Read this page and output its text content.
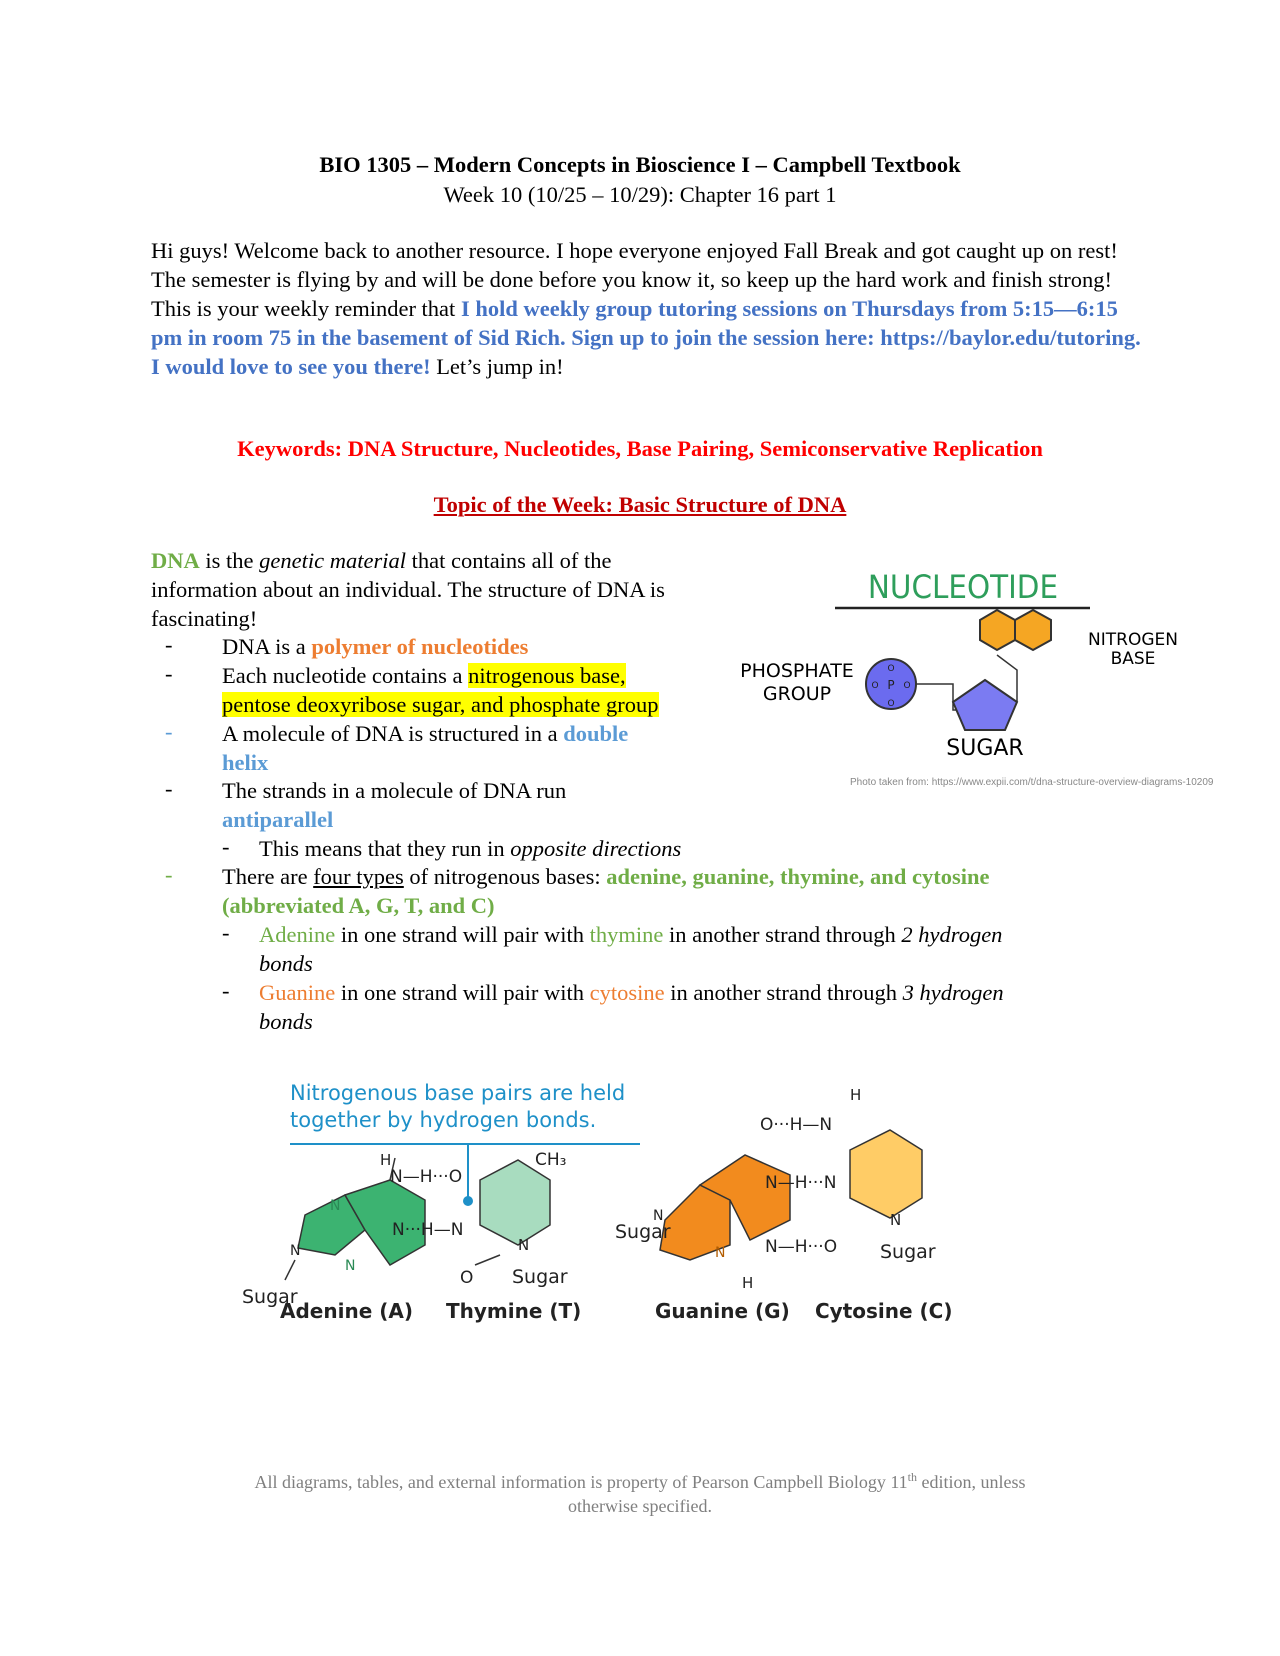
BIO 1305 – Modern Concepts in Bioscience I – Campbell Textbook
Week 10 (10/25 – 10/29): Chapter 16 part 1
Hi guys! Welcome back to another resource. I hope everyone enjoyed Fall Break and got caught up on rest! The semester is flying by and will be done before you know it, so keep up the hard work and finish strong! This is your weekly reminder that I hold weekly group tutoring sessions on Thursdays from 5:15—6:15 pm in room 75 in the basement of Sid Rich. Sign up to join the session here: https://baylor.edu/tutoring. I would love to see you there! Let’s jump in!
Keywords: DNA Structure, Nucleotides, Base Pairing, Semiconservative Replication
Topic of the Week: Basic Structure of DNA
DNA is the genetic material that contains all of the information about an individual. The structure of DNA is fascinating!
- DNA is a polymer of nucleotides
- Each nucleotide contains a nitrogenous base,
pentose deoxyribose sugar, and phosphate group
- A molecule of DNA is structured in a double
helix
- The strands in a molecule of DNA run
antiparallel
- This means that they run in opposite directions
- There are four types of nitrogenous bases: adenine, guanine, thymine, and cytosine
(abbreviated A, G, T, and C)
- Adenine in one strand will pair with thymine in another strand through 2 hydrogen
bonds
- Guanine in one strand will pair with cytosine in another strand through 3 hydrogen
bonds
NUCLEOTIDE
PHOSPHATE
GROUP
NITROGEN
BASE
SUGAR
P
O
O
O	O
Photo taken from: https://www.expii.com/t/dna-structure-overview-diagrams-10209
Nitrogenous base pairs are held
together by hydrogen bonds.
N
N
N
Sugar
H
N—H···O
N···H—N
CH₃
O
N
Sugar
Adenine (A) Thymine (T)
N
N
Sugar
O···H—N
N—H···N
N—H···O
H
H
N
Sugar
Guanine (G) Cytosine (C)
All diagrams, tables, and external information is property of Pearson Campbell Biology 11th edition, unless
otherwise specified.
